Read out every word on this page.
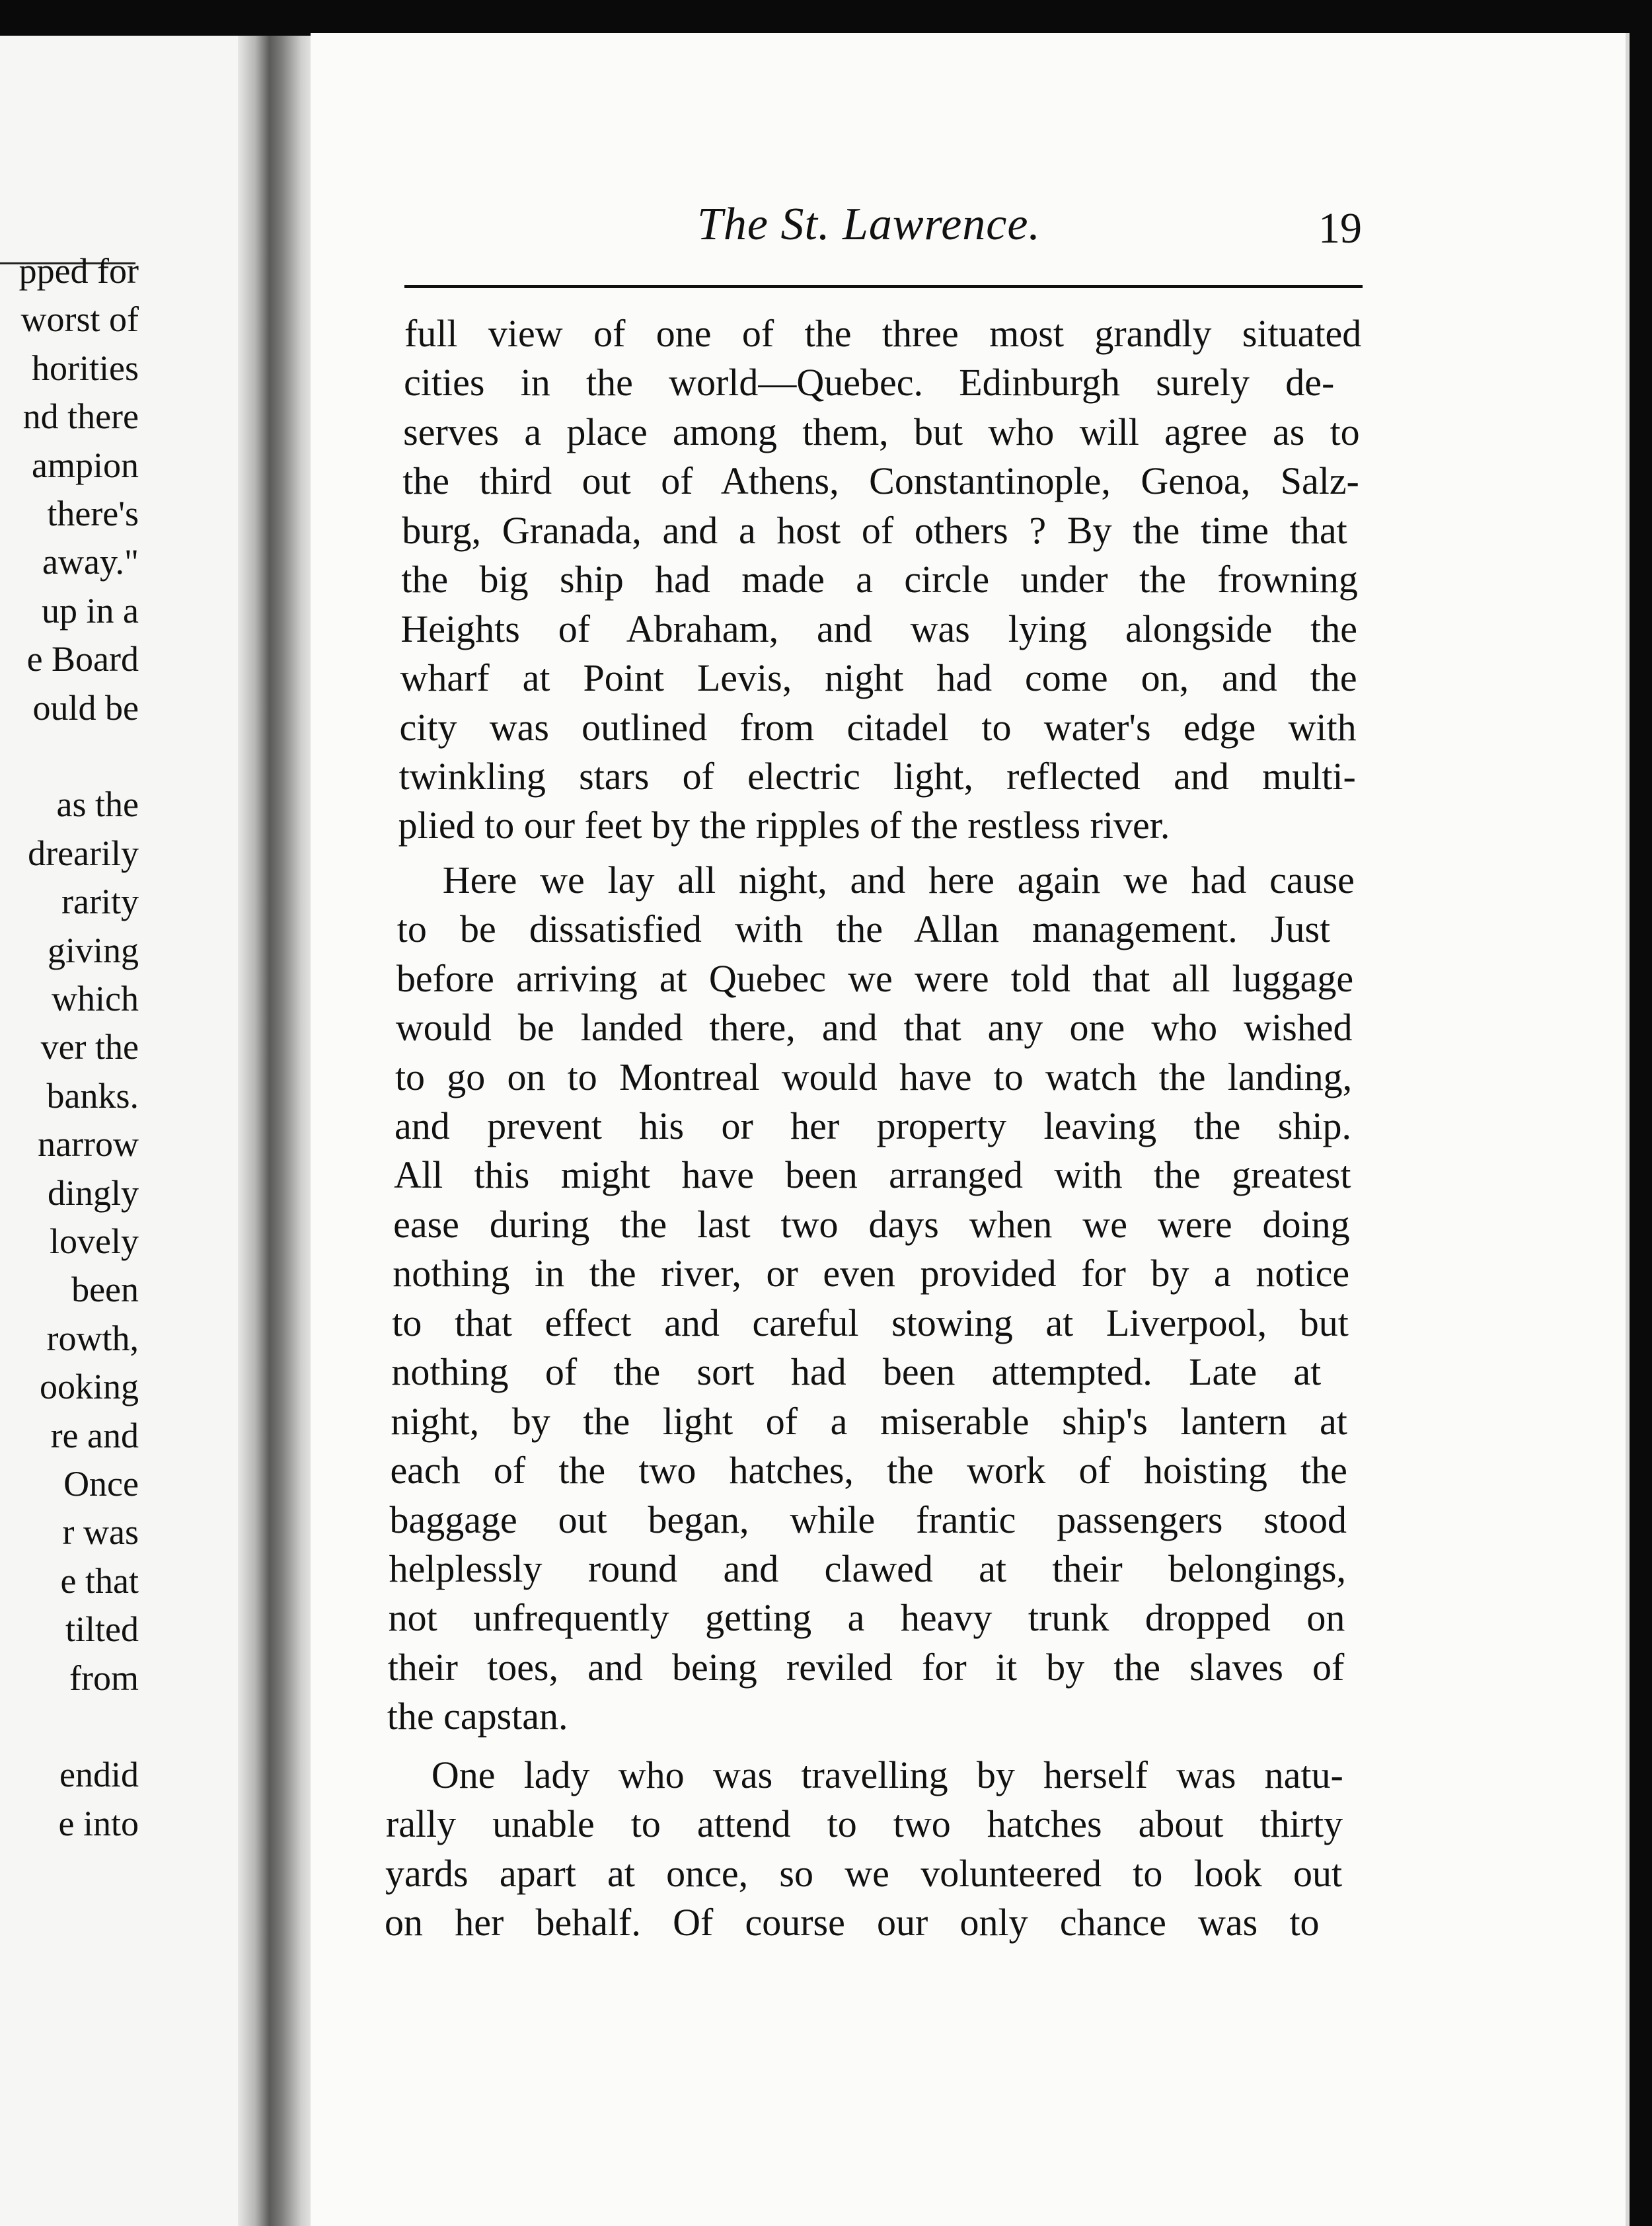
pped for
worst of
horities
nd there
ampion
there's
away."
up in a
e Board
ould be
as the
drearily
rarity
giving
which
ver the
banks.
narrow
dingly
lovely
been
rowth,
ooking
re and
Once
r was
e that
tilted
from
endid
e into
The St. Lawrence.	19
full view of one of the three most grandly situated
cities in the world—Quebec. Edinburgh surely de-
serves a place among them, but who will agree as to
the third out of Athens, Constantinople, Genoa, Salz-
burg, Granada, and a host of others ? By the time that
the big ship had made a circle under the frowning
Heights of Abraham, and was lying alongside the
wharf at Point Levis, night had come on, and the
city was outlined from citadel to water's edge with
twinkling stars of electric light, reflected and multi-
plied to our feet by the ripples of the restless river.
Here we lay all night, and here again we had cause
to be dissatisfied with the Allan management. Just
before arriving at Quebec we were told that all luggage
would be landed there, and that any one who wished
to go on to Montreal would have to watch the landing,
and prevent his or her property leaving the ship.
All this might have been arranged with the greatest
ease during the last two days when we were doing
nothing in the river, or even provided for by a notice
to that effect and careful stowing at Liverpool, but
nothing of the sort had been attempted. Late at
night, by the light of a miserable ship's lantern at
each of the two hatches, the work of hoisting the
baggage out began, while frantic passengers stood
helplessly round and clawed at their belongings,
not unfrequently getting a heavy trunk dropped on
their toes, and being reviled for it by the slaves of
the capstan.
One lady who was travelling by herself was natu-
rally unable to attend to two hatches about thirty
yards apart at once, so we volunteered to look out
on her behalf. Of course our only chance was to
